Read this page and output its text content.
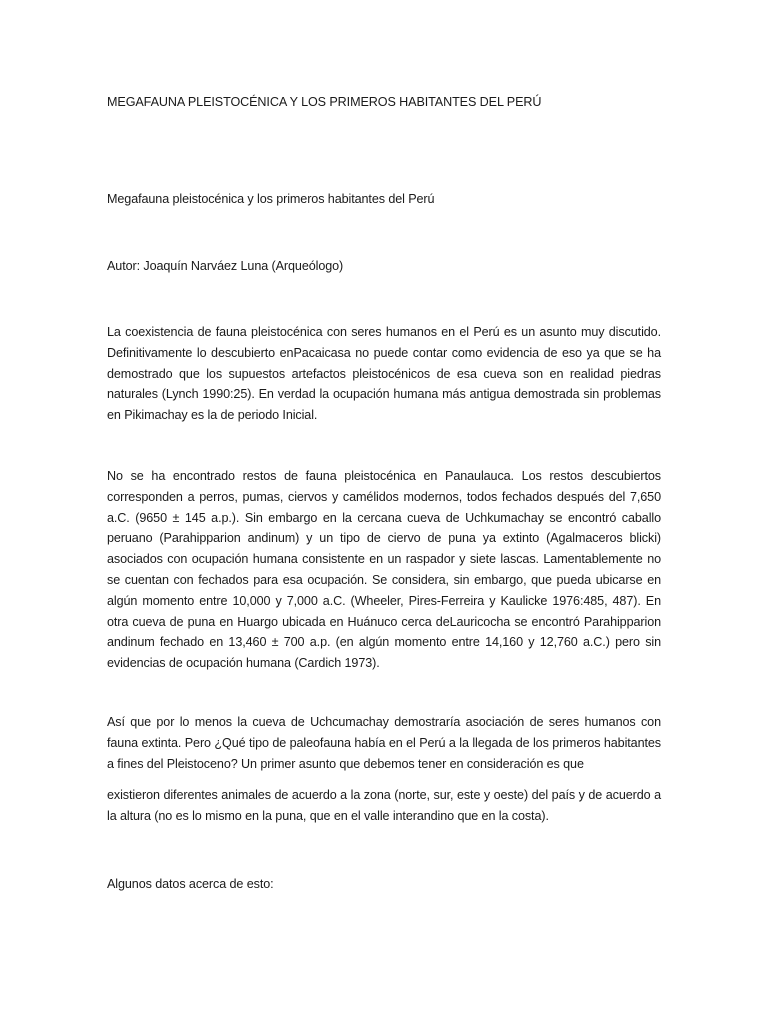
MEGAFAUNA PLEISTOCÉNICA Y LOS PRIMEROS HABITANTES DEL PERÚ

Megafauna pleistocénica y los primeros habitantes del Perú

Autor: Joaquín Narváez Luna (Arqueólogo)

La coexistencia de fauna pleistocénica con seres humanos en el Perú es un asunto muy discutido. Definitivamente lo descubierto enPacaicasa no puede contar como evidencia de eso ya que se ha demostrado que los supuestos artefactos pleistocénicos de esa cueva son en realidad piedras naturales (Lynch 1990:25). En verdad la ocupación humana más antigua demostrada sin problemas en Pikimachay es la de periodo Inicial.

No se ha encontrado restos de fauna pleistocénica en Panaulauca. Los restos descubiertos corresponden a perros, pumas, ciervos y camélidos modernos, todos fechados después del 7,650 a.C. (9650 ± 145 a.p.). Sin embargo en la cercana cueva de Uchkumachay se encontró caballo peruano (Parahipparion andinum) y un tipo de ciervo de puna ya extinto (Agalmaceros blicki) asociados con ocupación humana consistente en un raspador y siete lascas. Lamentablemente no se cuentan con fechados para esa ocupación. Se considera, sin embargo, que pueda ubicarse en algún momento entre 10,000 y 7,000 a.C. (Wheeler, Pires-Ferreira y Kaulicke 1976:485, 487). En otra cueva de puna en Huargo ubicada en Huánuco cerca deLauricocha se encontró Parahipparion andinum fechado en 13,460 ± 700 a.p. (en algún momento entre 14,160 y 12,760 a.C.) pero sin evidencias de ocupación humana (Cardich 1973).

Así que por lo menos la cueva de Uchcumachay demostraría asociación de seres humanos con fauna extinta. Pero ¿Qué tipo de paleofauna había en el Perú a la llegada de los primeros habitantes a fines del Pleistoceno? Un primer asunto que debemos tener en consideración es que

existieron diferentes animales de acuerdo a la zona (norte, sur, este y oeste) del país y de acuerdo a la altura (no es lo mismo en la puna, que en el valle interandino que en la costa).

Algunos datos acerca de esto:
